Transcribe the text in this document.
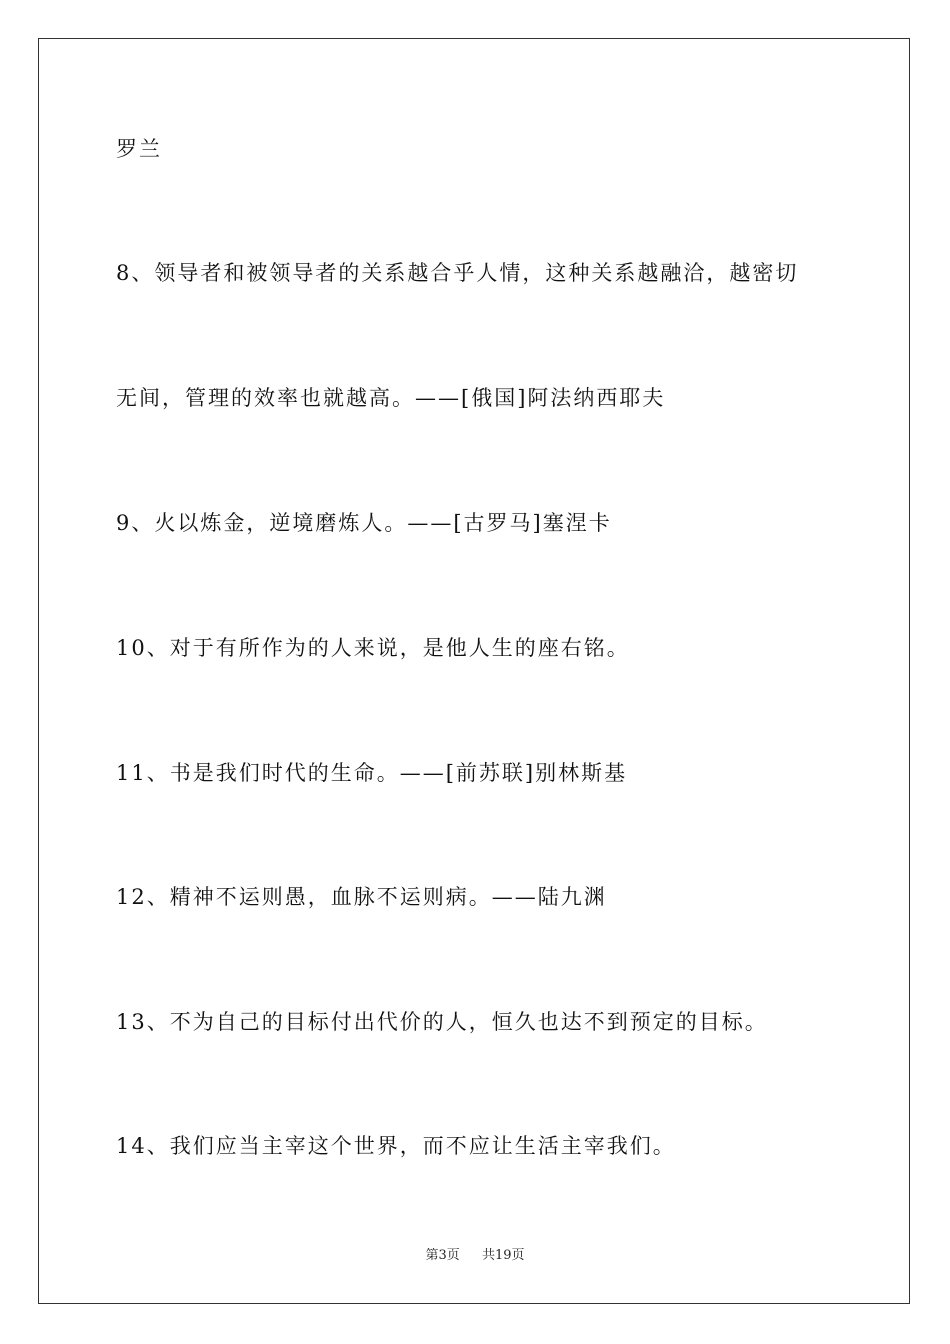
罗兰
8、领导者和被领导者的关系越合乎人情，这种关系越融洽，越密切
无间，管理的效率也就越高。——[俄国]阿法纳西耶夫
9、火以炼金，逆境磨炼人。——[古罗马]塞涅卡
10、对于有所作为的人来说，是他人生的座右铭。
11、书是我们时代的生命。——[前苏联]别林斯基
12、精神不运则愚，血脉不运则病。——陆九渊
13、不为自己的目标付出代价的人，恒久也达不到预定的目标。
14、我们应当主宰这个世界，而不应让生活主宰我们。
第3页 共19页
